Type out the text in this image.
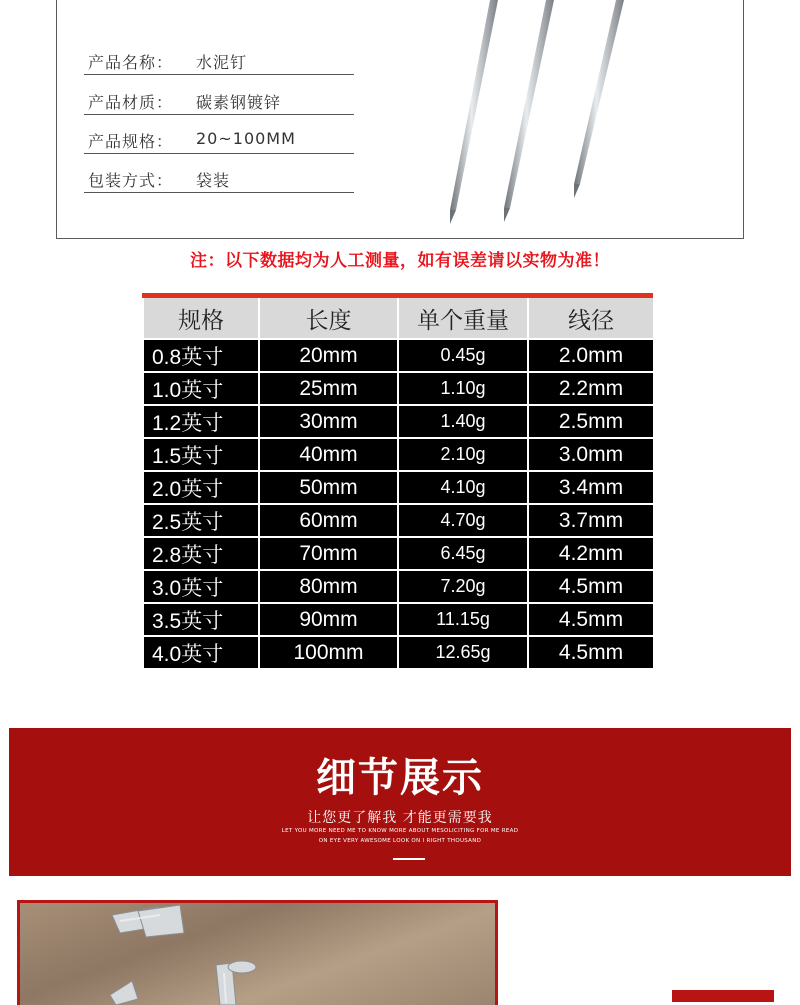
产品名称： 水泥钉
产品材质： 碳素钢镀锌
产品规格： 20~100MM
包装方式： 袋装
注：以下数据均为人工测量，如有误差请以实物为准！
规格	长度	单个重量	线径
0.8英寸	20mm	0.45g	2.0mm
1.0英寸	25mm	1.10g	2.2mm
1.2英寸	30mm	1.40g	2.5mm
1.5英寸	40mm	2.10g	3.0mm
2.0英寸	50mm	4.10g	3.4mm
2.5英寸	60mm	4.70g	3.7mm
2.8英寸	70mm	6.45g	4.2mm
3.0英寸	80mm	7.20g	4.5mm
3.5英寸	90mm	11.15g	4.5mm
4.0英寸	100mm	12.65g	4.5mm
细节展示
让您更了解我 才能更需要我
LET YOU MORE NEED ME TO KNOW MORE ABOUT MESOLICITING FOR ME READ
ON EYE VERY AWESOME LOOK ON I RIGHT THOUSAND
